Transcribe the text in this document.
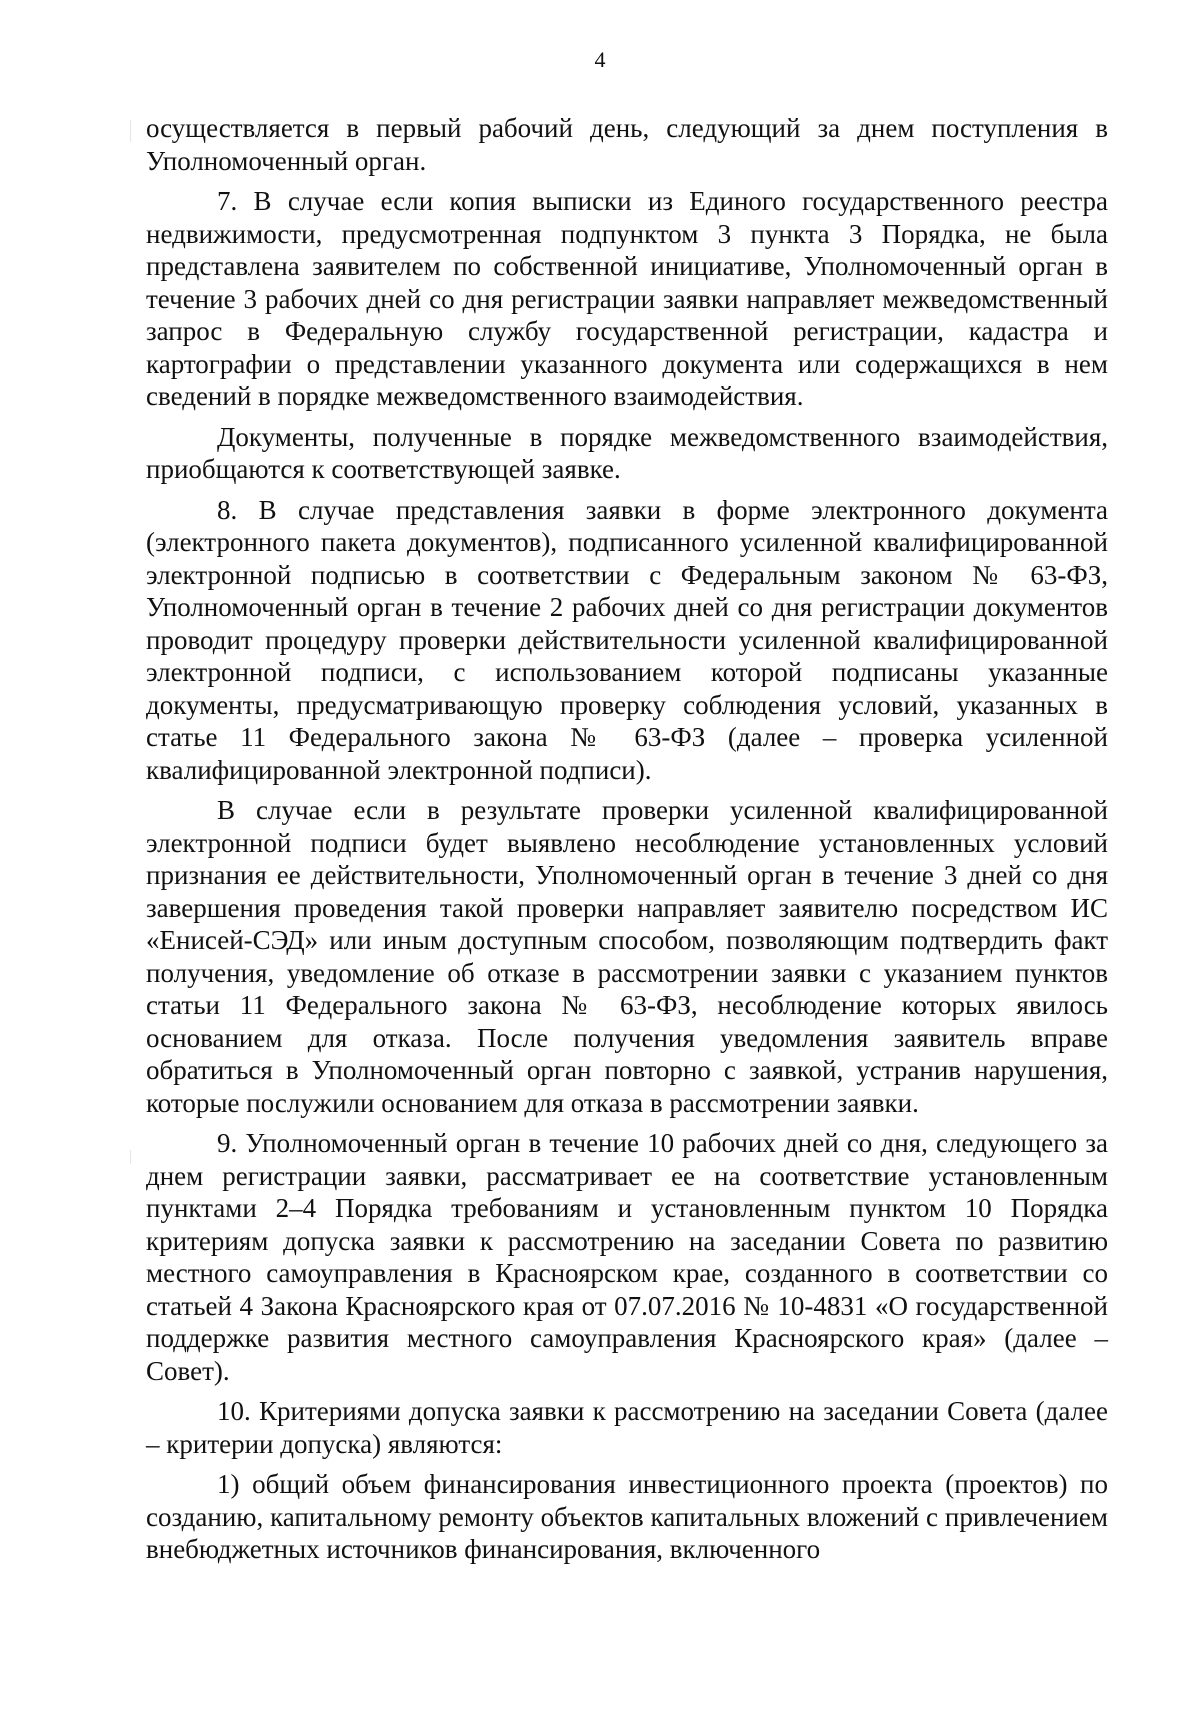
4

осуществляется в первый рабочий день, следующий за днем поступления в Уполномоченный орган.

7. В случае если копия выписки из Единого государственного реестра недвижимости, предусмотренная подпунктом 3 пункта 3 Порядка, не была представлена заявителем по собственной инициативе, Уполномоченный орган в течение 3 рабочих дней со дня регистрации заявки направляет межведомственный запрос в Федеральную службу государственной регистрации, кадастра и картографии о представлении указанного документа или содержащихся в нем сведений в порядке межведомственного взаимодействия.

Документы, полученные в порядке межведомственного взаимодействия, приобщаются к соответствующей заявке.

8. В случае представления заявки в форме электронного документа (электронного пакета документов), подписанного усиленной квалифицированной электронной подписью в соответствии с Федеральным законом № 63-ФЗ, Уполномоченный орган в течение 2 рабочих дней со дня регистрации документов проводит процедуру проверки действительности усиленной квалифицированной электронной подписи, с использованием которой подписаны указанные документы, предусматривающую проверку соблюдения условий, указанных в статье 11 Федерального закона № 63-ФЗ (далее – проверка усиленной квалифицированной электронной подписи).

В случае если в результате проверки усиленной квалифицированной электронной подписи будет выявлено несоблюдение установленных условий признания ее действительности, Уполномоченный орган в течение 3 дней со дня завершения проведения такой проверки направляет заявителю посредством ИС «Енисей-СЭД» или иным доступным способом, позволяющим подтвердить факт получения, уведомление об отказе в рассмотрении заявки с указанием пунктов статьи 11 Федерального закона № 63-ФЗ, несоблюдение которых явилось основанием для отказа. После получения уведомления заявитель вправе обратиться в Уполномоченный орган повторно с заявкой, устранив нарушения, которые послужили основанием для отказа в рассмотрении заявки.

9. Уполномоченный орган в течение 10 рабочих дней со дня, следующего за днем регистрации заявки, рассматривает ее на соответствие установленным пунктами 2–4 Порядка требованиям и установленным пунктом 10 Порядка критериям допуска заявки к рассмотрению на заседании Совета по развитию местного самоуправления в Красноярском крае, созданного в соответствии со статьей 4 Закона Красноярского края от 07.07.2016 № 10-4831 «О государственной поддержке развития местного самоуправления Красноярского края» (далее – Совет).

10. Критериями допуска заявки к рассмотрению на заседании Совета (далее – критерии допуска) являются:

1) общий объем финансирования инвестиционного проекта (проектов) по созданию, капитальному ремонту объектов капитальных вложений с привлечением внебюджетных источников финансирования, включенного
